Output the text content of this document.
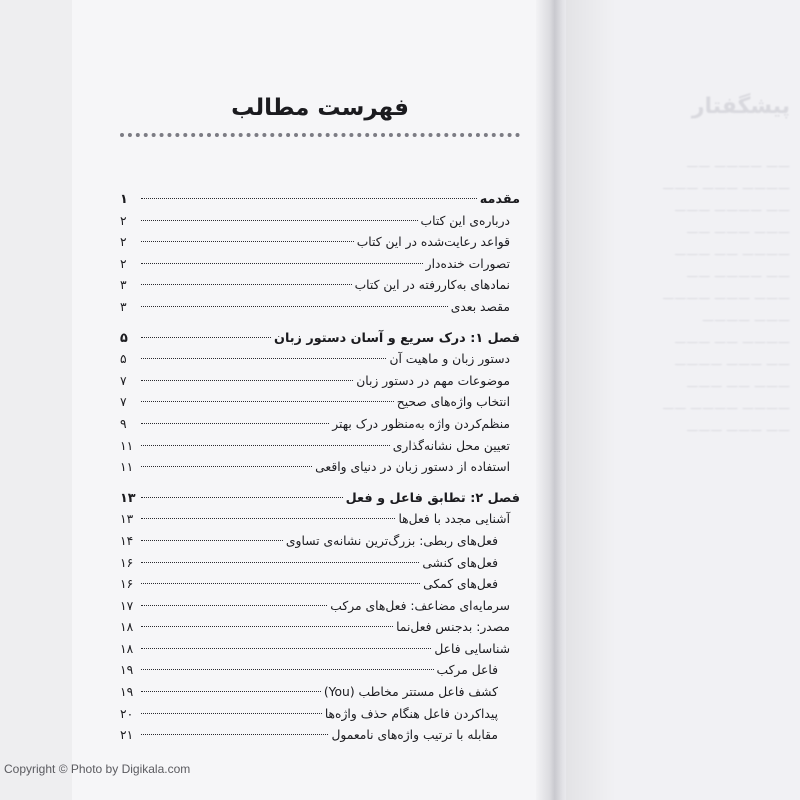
پیشگفتار
—— ———— ——
———— ——— ———
—— ———— ———
——— ——— ——
———— —— ———
—— ———— ——
——— ——— ————
——— ————
———— —— ———
—— ——— ————
——— —— ———
———— ———— ——
—— ——— ———
فهرست مطالب
مقدمه
۱
درباره‌ی این کتاب
۲
قواعد رعایت‌شده در این کتاب
۲
تصورات خنده‌دار
۲
نمادهای به‌کاررفته در این کتاب
۳
مقصد بعدی
۳
فصل ۱: درک سریع و آسان دستور زبان
۵
دستور زبان و ماهیت آن
۵
موضوعات مهم در دستور زبان
۷
انتخاب واژه‌های صحیح
۷
منظم‌کردن واژه به‌منظور درک بهتر
۹
تعیین محل نشانه‌گذاری
۱۱
استفاده از دستور زبان در دنیای واقعی
۱۱
فصل ۲: تطابق فاعل و فعل
۱۳
آشنایی مجدد با فعل‌ها
۱۳
فعل‌های ربطی: بزرگ‌ترین نشانه‌ی تساوی
۱۴
فعل‌های کنشی
۱۶
فعل‌های کمکی
۱۶
سرمایه‌ای مضاعف: فعل‌های مرکب
۱۷
مصدر: بدجنس فعل‌نما
۱۸
شناسایی فاعل
۱۸
فاعل مرکب
۱۹
کشف فاعل مستتر مخاطب (You)
۱۹
پیداکردن فاعل هنگام حذف واژه‌ها
۲۰
مقابله با ترتیب واژه‌های نامعمول
۲۱
Copyright © Photo by Digikala.com
